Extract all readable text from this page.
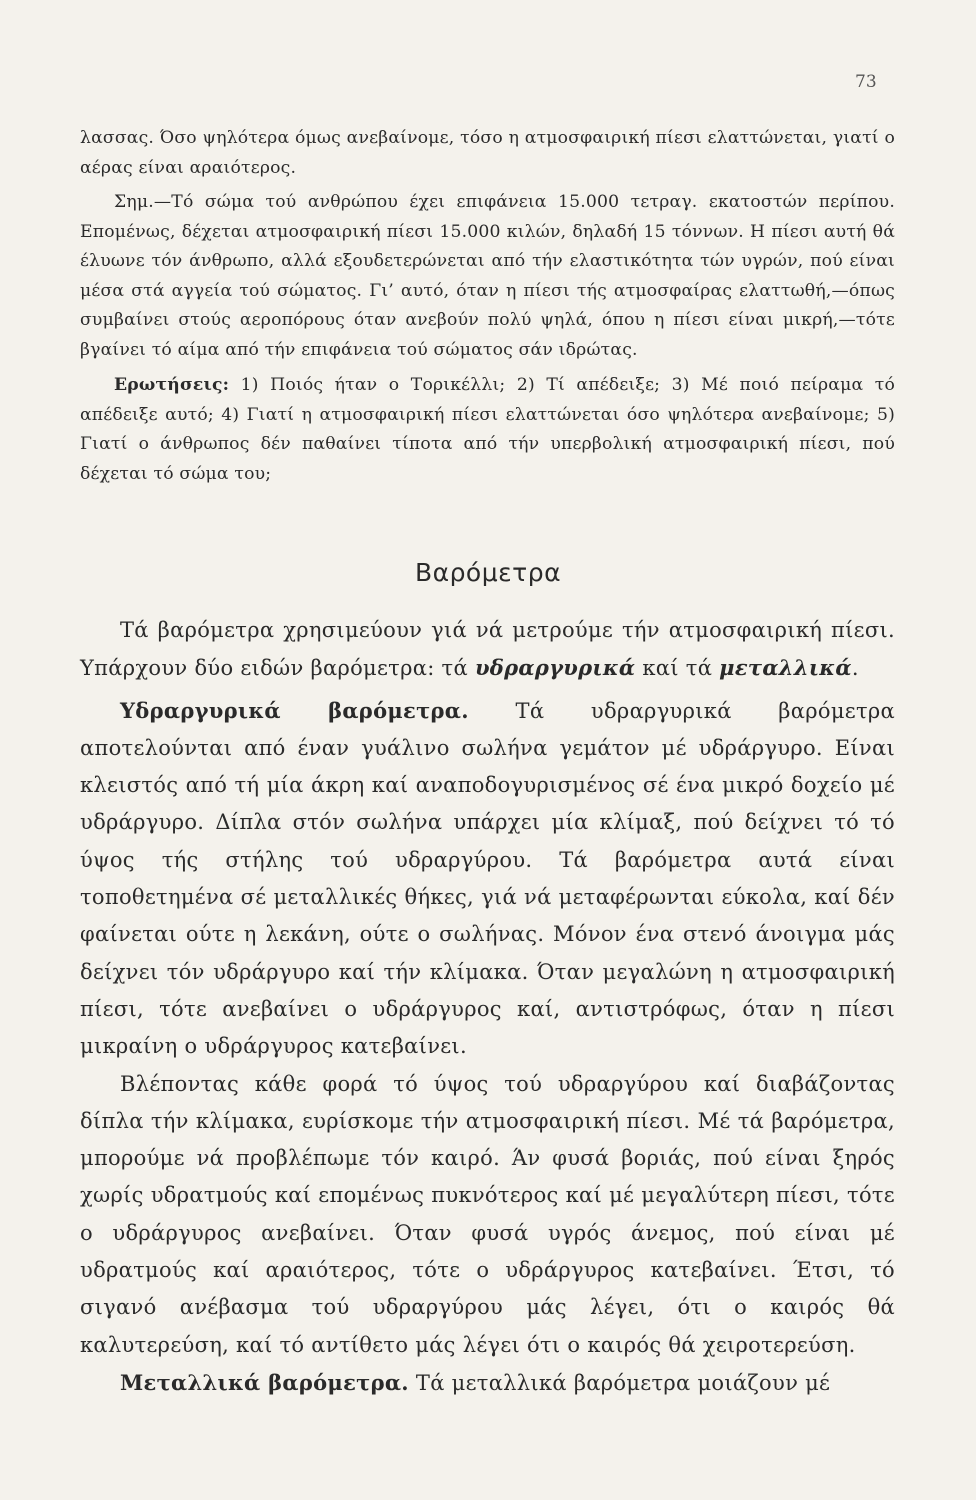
73

λασσας. Όσο ψηλότερα όμως ανεβαίνομε, τόσο η ατμοσφαιρική πίεσι ελαττώνεται, γιατί ο αέρας είναι αραιότερος.

Σημ.—Τό σώμα τού ανθρώπου έχει επιφάνεια 15.000 τετραγ. εκατοστών περίπου. Επομένως, δέχεται ατμοσφαιρική πίεσι 15.000 κιλών, δηλαδή 15 τόννων. Η πίεσι αυτή θά έλυωνε τόν άνθρωπο, αλλά εξουδετερώνεται από τήν ελαστικότητα τών υγρών, πού είναι μέσα στά αγγεία τού σώματος. Γι’ αυτό, όταν η πίεσι τής ατμοσφαίρας ελαττωθή,—όπως συμβαίνει στούς αεροπόρους όταν ανεβούν πολύ ψηλά, όπου η πίεσι είναι μικρή,—τότε βγαίνει τό αίμα από τήν επιφάνεια τού σώματος σάν ιδρώτας.

Ερωτήσεις: 1) Ποιός ήταν ο Τορικέλλι; 2) Τί απέδειξε; 3) Μέ ποιό πείραμα τό απέδειξε αυτό; 4) Γιατί η ατμοσφαιρική πίεσι ελαττώνεται όσο ψηλότερα ανεβαίνομε; 5) Γιατί ο άνθρωπος δέν παθαίνει τίποτα από τήν υπερβολική ατμοσφαιρική πίεσι, πού δέχεται τό σώμα του;

Βαρόμετρα

Τά βαρόμετρα χρησιμεύουν γιά νά μετρούμε τήν ατμοσφαιρική πίεσι. Υπάρχουν δύο ειδών βαρόμετρα: τά υδραργυρικά καί τά μεταλλικά.

Υδραργυρικά βαρόμετρα. Τά υδραργυρικά βαρόμετρα αποτελούνται από έναν γυάλινο σωλήνα γεμάτον μέ υδράργυρο. Είναι κλειστός από τή μία άκρη καί αναποδογυρισμένος σέ ένα μικρό δοχείο μέ υδράργυρο. Δίπλα στόν σωλήνα υπάρχει μία κλίμαξ, πού δείχνει τό τό ύψος τής στήλης τού υδραργύρου. Τά βαρόμετρα αυτά είναι τοποθετημένα σέ μεταλλικές θήκες, γιά νά μεταφέρωνται εύκολα, καί δέν φαίνεται ούτε η λεκάνη, ούτε ο σωλήνας. Μόνον ένα στενό άνοιγμα μάς δείχνει τόν υδράργυρο καί τήν κλίμακα. Όταν μεγαλώνη η ατμοσφαιρική πίεσι, τότε ανεβαίνει ο υδράργυρος καί, αντιστρόφως, όταν η πίεσι μικραίνη ο υδράργυρος κατεβαίνει.

Βλέποντας κάθε φορά τό ύψος τού υδραργύρου καί διαβάζοντας δίπλα τήν κλίμακα, ευρίσκομε τήν ατμοσφαιρική πίεσι. Μέ τά βαρόμετρα, μπορούμε νά προβλέπωμε τόν καιρό. Άν φυσά βοριάς, πού είναι ξηρός χωρίς υδρατμούς καί επομένως πυκνότερος καί μέ μεγαλύτερη πίεσι, τότε ο υδράργυρος ανεβαίνει. Όταν φυσά υγρός άνεμος, πού είναι μέ υδρατμούς καί αραιότερος, τότε ο υδράργυρος κατεβαίνει. Έτσι, τό σιγανό ανέβασμα τού υδραργύρου μάς λέγει, ότι ο καιρός θά καλυτερεύση, καί τό αντίθετο μάς λέγει ότι ο καιρός θά χειροτερεύση.

Μεταλλικά βαρόμετρα. Τά μεταλλικά βαρόμετρα μοιάζουν μέ
